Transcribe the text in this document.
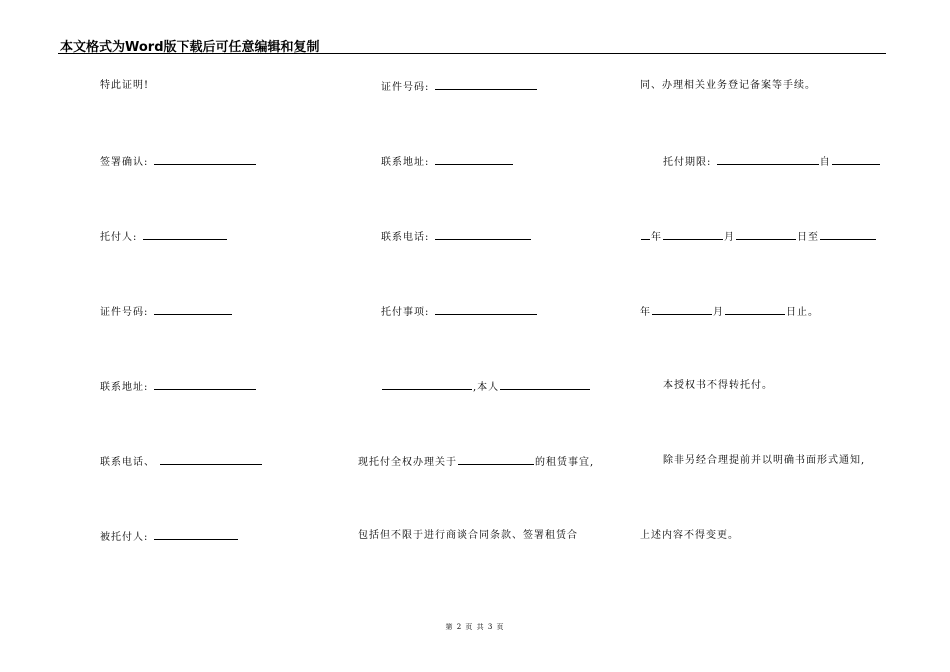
本文格式为Word版下载后可任意编辑和复制
特此证明!
签署确认:
托付人:
证件号码:
联系地址:
联系电话、
被托付人:
证件号码:
联系地址:
联系电话:
托付事项:
,本人
现托付全权办理关于	的租赁事宜,
包括但不限于进行商谈合同条款、签署租赁合
同、办理相关业务登记备案等手续。
托付期限:	自
年	月	日至
年	月	日止。
本授权书不得转托付。
除非另经合理提前并以明确书面形式通知,
上述内容不得变更。
第 2 页 共 3 页
